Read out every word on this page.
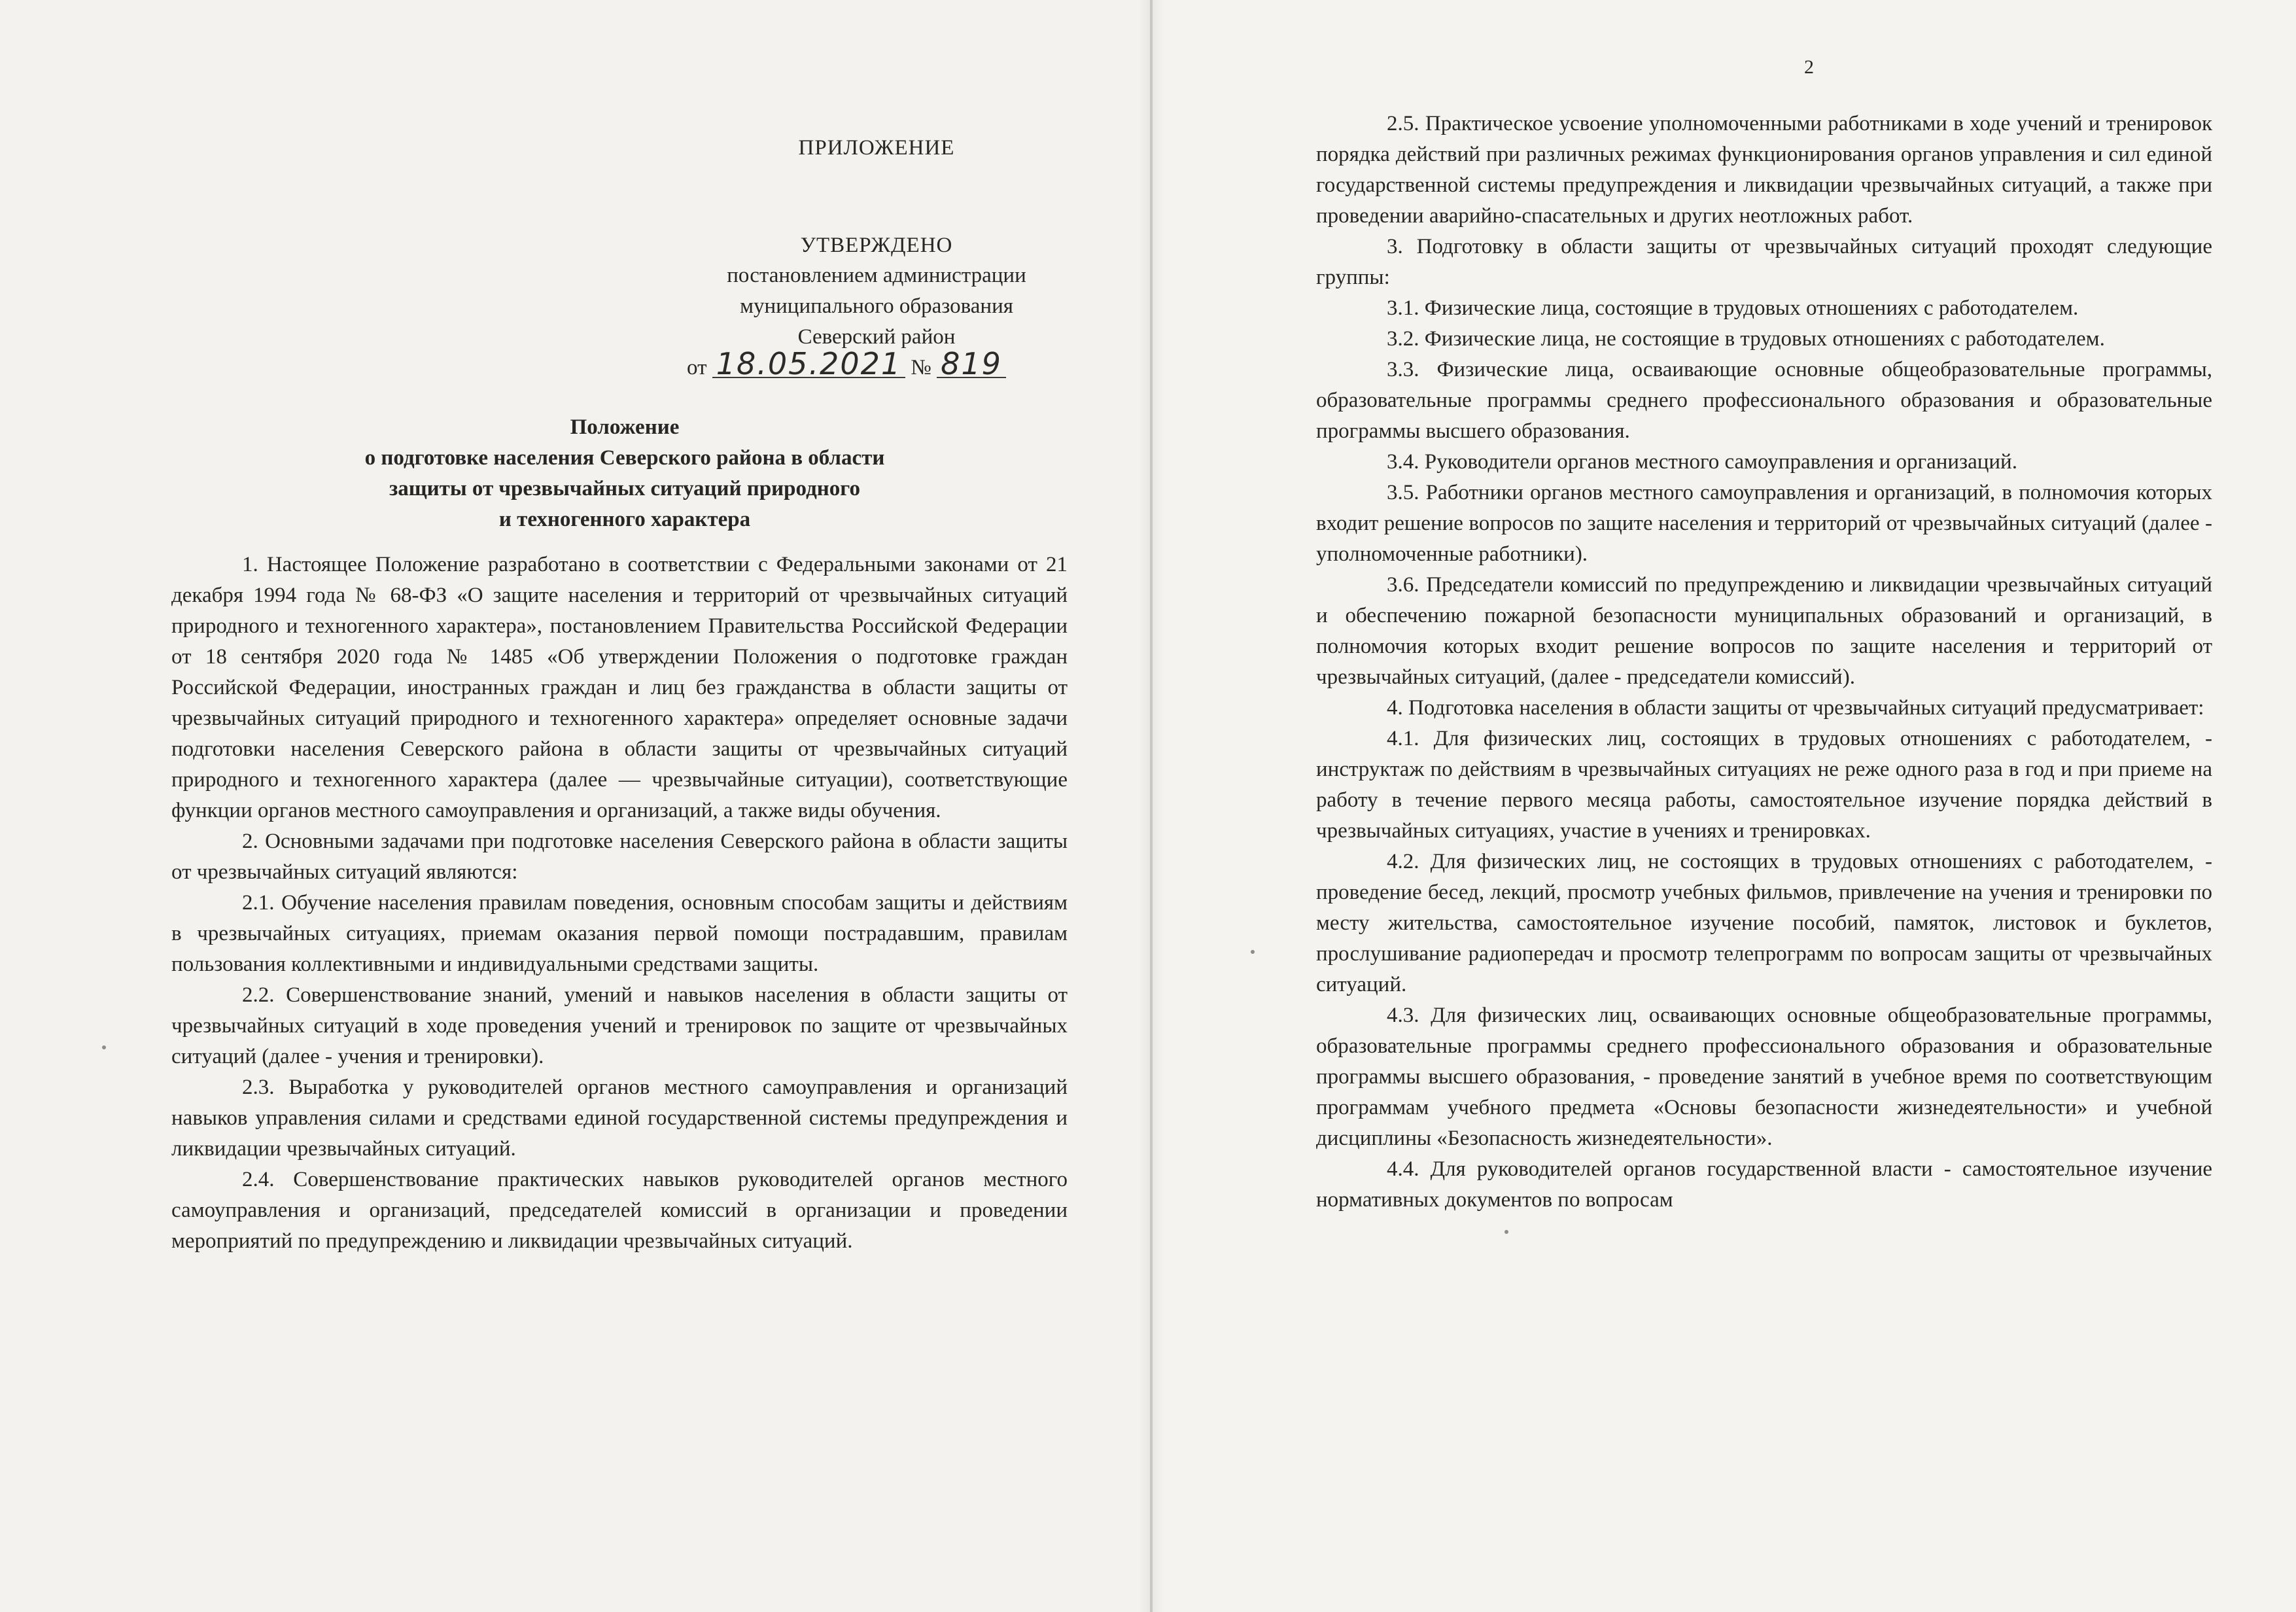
ПРИЛОЖЕНИЕ
УТВЕРЖДЕНО
постановлением администрации
муниципального образования
Северский район
от 18.05.2021 № 819
Положение
о подготовке населения Северского района в области
защиты от чрезвычайных ситуаций природного
и техногенного характера

1. Настоящее Положение разработано в соответствии с Федеральными законами от 21 декабря 1994 года № 68-ФЗ «О защите населения и территорий от чрезвычайных ситуаций природного и техногенного характера», постановлением Правительства Российской Федерации от 18 сентября 2020 года № 1485 «Об утверждении Положения о подготовке граждан Российской Федерации, иностранных граждан и лиц без гражданства в области защиты от чрезвычайных ситуаций природного и техногенного характера» определяет основные задачи подготовки населения Северского района в области защиты от чрезвычайных ситуаций природного и техногенного характера (далее — чрезвычайные ситуации), соответствующие функции органов местного самоуправления и организаций, а также виды обучения.

2. Основными задачами при подготовке населения Северского района в области защиты от чрезвычайных ситуаций являются:

2.1. Обучение населения правилам поведения, основным способам защиты и действиям в чрезвычайных ситуациях, приемам оказания первой помощи пострадавшим, правилам пользования коллективными и индивидуальными средствами защиты.

2.2. Совершенствование знаний, умений и навыков населения в области защиты от чрезвычайных ситуаций в ходе проведения учений и тренировок по защите от чрезвычайных ситуаций (далее - учения и тренировки).

2.3. Выработка у руководителей органов местного самоуправления и организаций навыков управления силами и средствами единой государственной системы предупреждения и ликвидации чрезвычайных ситуаций.

2.4. Совершенствование практических навыков руководителей органов местного самоуправления и организаций, председателей комиссий в организации и проведении мероприятий по предупреждению и ликвидации чрезвычайных ситуаций.

2

2.5. Практическое усвоение уполномоченными работниками в ходе учений и тренировок порядка действий при различных режимах функционирования органов управления и сил единой государственной системы предупреждения и ликвидации чрезвычайных ситуаций, а также при проведении аварийно-спасательных и других неотложных работ.

3. Подготовку в области защиты от чрезвычайных ситуаций проходят следующие группы:

3.1. Физические лица, состоящие в трудовых отношениях с работодателем.

3.2. Физические лица, не состоящие в трудовых отношениях с работодателем.

3.3. Физические лица, осваивающие основные общеобразовательные программы, образовательные программы среднего профессионального образования и образовательные программы высшего образования.

3.4. Руководители органов местного самоуправления и организаций.

3.5. Работники органов местного самоуправления и организаций, в полномочия которых входит решение вопросов по защите населения и территорий от чрезвычайных ситуаций (далее - уполномоченные работники).

3.6. Председатели комиссий по предупреждению и ликвидации чрезвычайных ситуаций и обеспечению пожарной безопасности муниципальных образований и организаций, в полномочия которых входит решение вопросов по защите населения и территорий от чрезвычайных ситуаций, (далее - председатели комиссий).

4. Подготовка населения в области защиты от чрезвычайных ситуаций предусматривает:

4.1. Для физических лиц, состоящих в трудовых отношениях с работодателем, - инструктаж по действиям в чрезвычайных ситуациях не реже одного раза в год и при приеме на работу в течение первого месяца работы, самостоятельное изучение порядка действий в чрезвычайных ситуациях, участие в учениях и тренировках.

4.2. Для физических лиц, не состоящих в трудовых отношениях с работодателем, - проведение бесед, лекций, просмотр учебных фильмов, привлечение на учения и тренировки по месту жительства, самостоятельное изучение пособий, памяток, листовок и буклетов, прослушивание радиопередач и просмотр телепрограмм по вопросам защиты от чрезвычайных ситуаций.

4.3. Для физических лиц, осваивающих основные общеобразовательные программы, образовательные программы среднего профессионального образования и образовательные программы высшего образования, - проведение занятий в учебное время по соответствующим программам учебного предмета «Основы безопасности жизнедеятельности» и учебной дисциплины «Безопасность жизнедеятельности».

4.4. Для руководителей органов государственной власти - самостоятельное изучение нормативных документов по вопросам
